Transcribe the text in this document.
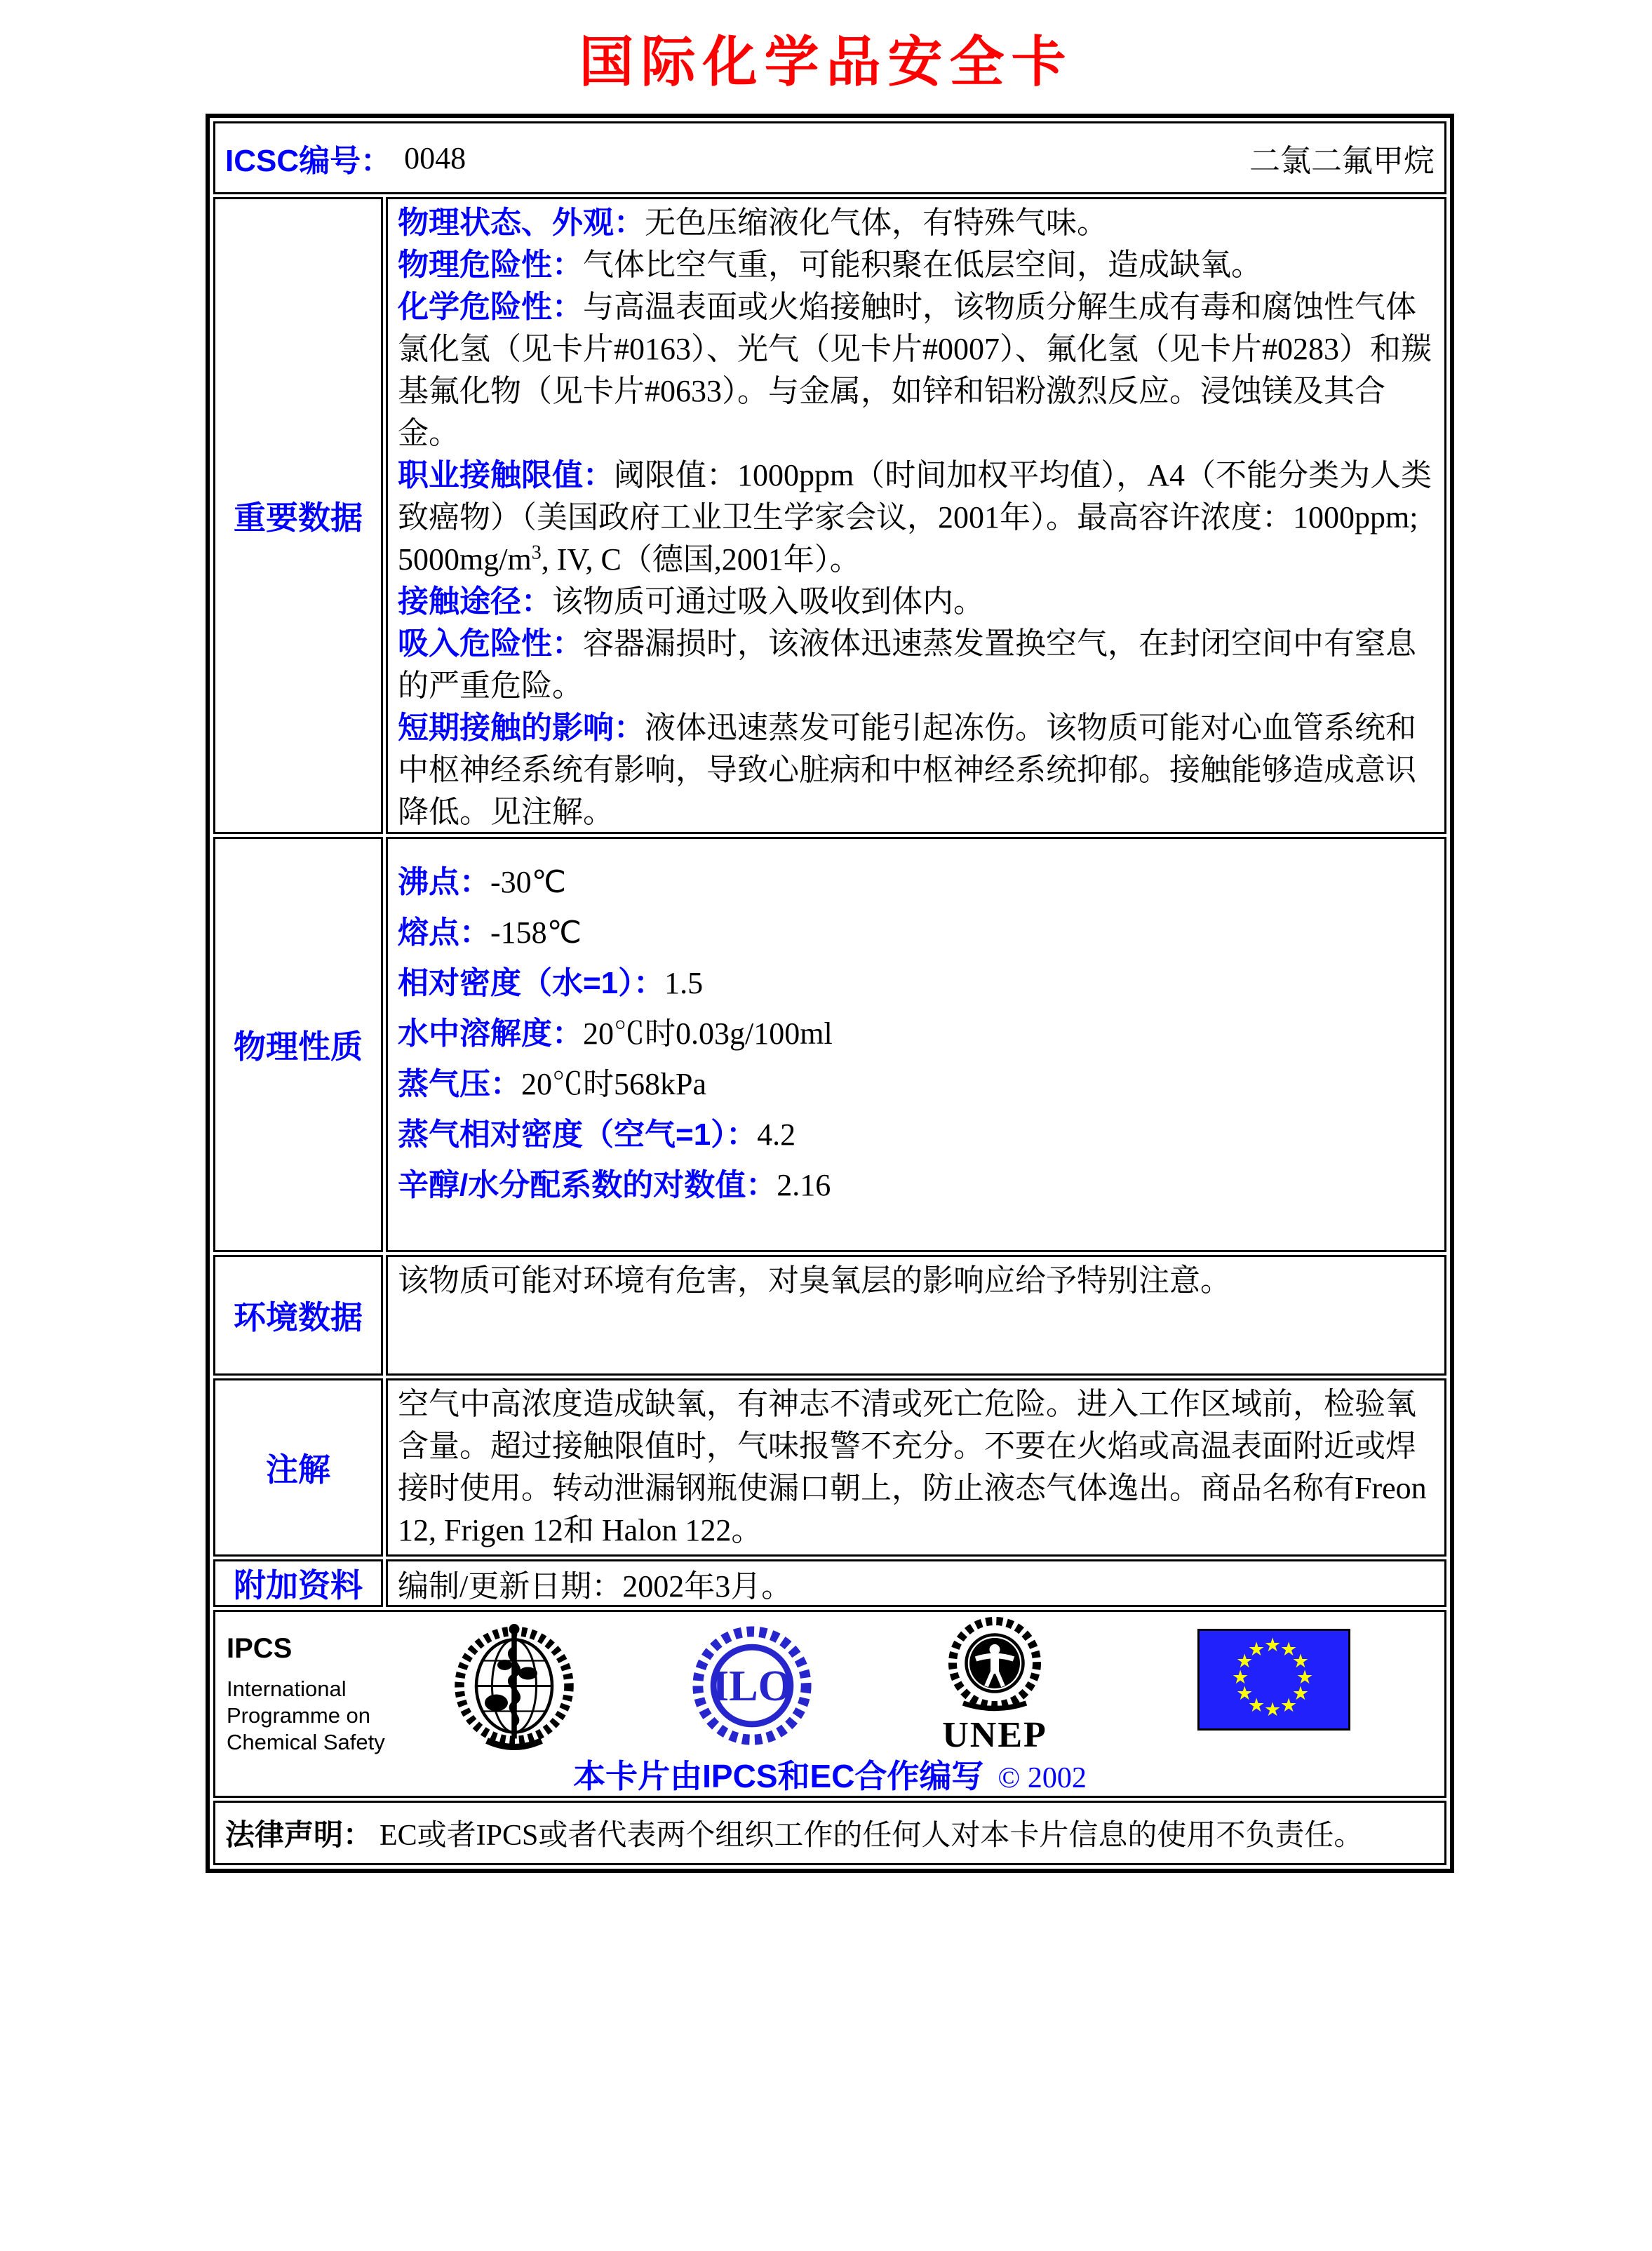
国际化学品安全卡
ICSC编号： 0048	二氯二氟甲烷
重要数据
物理状态、外观：无色压缩液化气体，有特殊气味。
物理危险性：气体比空气重，可能积聚在低层空间，造成缺氧。
化学危险性：与高温表面或火焰接触时，该物质分解生成有毒和腐蚀性气体氯化氢（见卡片#0163）、光气（见卡片#0007）、氟化氢（见卡片#0283）和羰基氟化物（见卡片#0633）。与金属，如锌和铝粉激烈反应。浸蚀镁及其合金。
职业接触限值：阈限值：1000ppm（时间加权平均值），A4（不能分类为人类致癌物）（美国政府工业卫生学家会议，2001年）。最高容许浓度：1000ppm; $5000mg/m^3$, IV, C（德国,2001年）。
接触途径：该物质可通过吸入吸收到体内。
吸入危险性：容器漏损时，该液体迅速蒸发置换空气，在封闭空间中有窒息的严重危险。
短期接触的影响：液体迅速蒸发可能引起冻伤。该物质可能对心血管系统和中枢神经系统有影响，导致心脏病和中枢神经系统抑郁。接触能够造成意识降低。见注解。
物理性质
沸点：-30℃
熔点：-158℃
相对密度（水=1）：1.5
水中溶解度：20℃时0.03g/100ml
蒸气压：20℃时568kPa
蒸气相对密度（空气=1）：4.2
辛醇/水分配系数的对数值：2.16
环境数据
该物质可能对环境有危害，对臭氧层的影响应给予特别注意。
注解
空气中高浓度造成缺氧，有神志不清或死亡危险。进入工作区域前，检验氧含量。超过接触限值时，气味报警不充分。不要在火焰或高温表面附近或焊接时使用。转动泄漏钢瓶使漏口朝上，防止液态气体逸出。商品名称有Freon 12, Frigen 12和 Halon 122。
附加资料	编制/更新日期：2002年3月。
IPCS
International
Programme on
Chemical Safety
ILO
UNEP
★
★
★
★
★
★
★
★
★
★
★
★
本卡片由IPCS和EC合作编写 © 2002
法律声明： EC或者IPCS或者代表两个组织工作的任何人对本卡片信息的使用不负责任。
